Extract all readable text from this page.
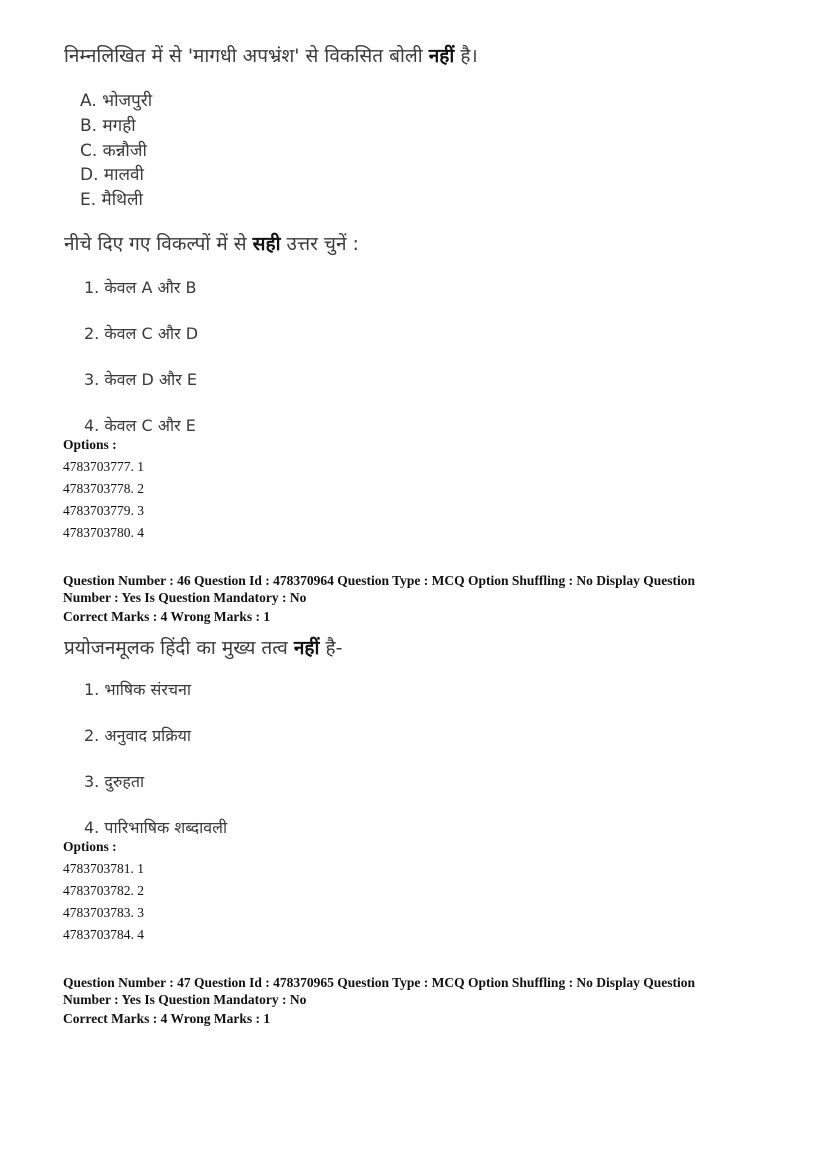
निम्नलिखित में से 'मागधी अपभ्रंश' से विकसित बोली नहीं है।
A. भोजपुरी
B. मगही
C. कन्नौजी
D. मालवी
E. मैथिली
नीचे दिए गए विकल्पों में से सही उत्तर चुनें :
1. केवल A और B
2. केवल C और D
3. केवल D और E
4. केवल C और E
Options :
4783703777. 1
4783703778. 2
4783703779. 3
4783703780. 4
Question Number : 46 Question Id : 478370964 Question Type : MCQ Option Shuffling : No Display Question
Number : Yes Is Question Mandatory : No
Correct Marks : 4 Wrong Marks : 1
प्रयोजनमूलक हिंदी का मुख्य तत्व नहीं है-
1. भाषिक संरचना
2. अनुवाद प्रक्रिया
3. दुरुहता
4. पारिभाषिक शब्दावली
Options :
4783703781. 1
4783703782. 2
4783703783. 3
4783703784. 4
Question Number : 47 Question Id : 478370965 Question Type : MCQ Option Shuffling : No Display Question
Number : Yes Is Question Mandatory : No
Correct Marks : 4 Wrong Marks : 1
